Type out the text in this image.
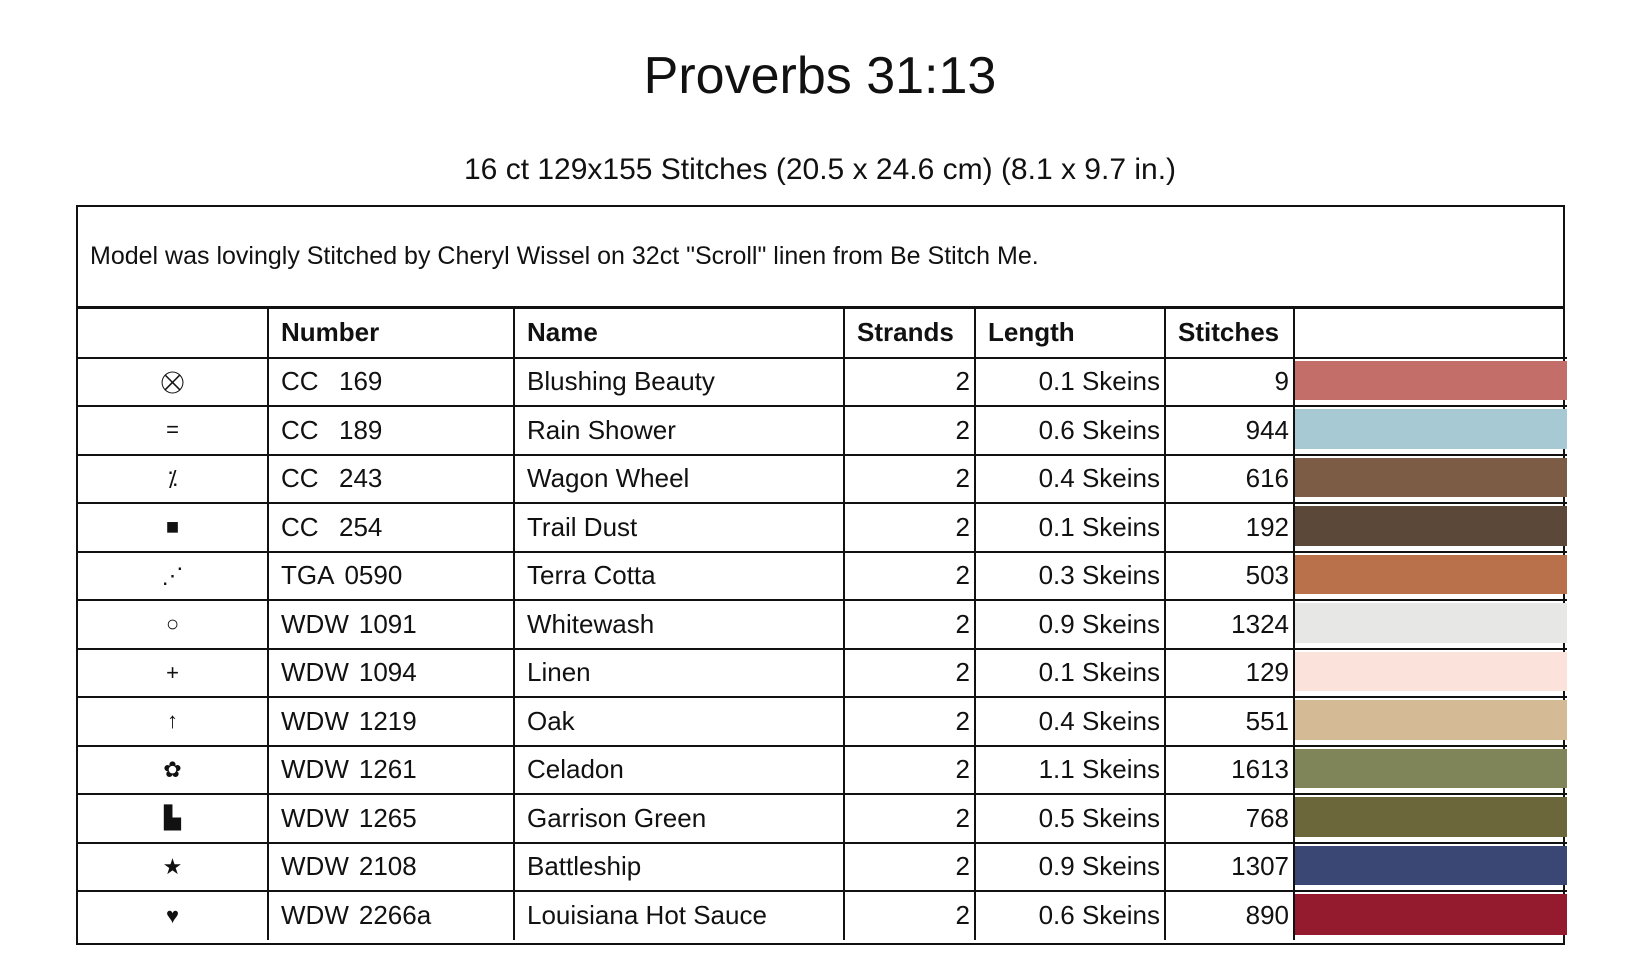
Proverbs 31:13
16 ct 129x155 Stitches (20.5 x 24.6 cm) (8.1 x 9.7 in.)
Model was lovingly Stitched by Cheryl Wissel on 32ct "Scroll" linen from Be Stitch Me.
	Number	Name	Strands	Length	Stitches	
⛒	CC 169	Blushing Beauty	2	0.1 Skeins	9	

=	CC 189	Rain Shower	2	0.6 Skeins	944	

⁒	CC 243	Wagon Wheel	2	0.4 Skeins	616	

■	CC 254	Trail Dust	2	0.1 Skeins	192	

⋰	TGA 0590	Terra Cotta	2	0.3 Skeins	503	

○	WDW 1091	Whitewash	2	0.9 Skeins	1324	

+	WDW 1094	Linen	2	0.1 Skeins	129	

↑	WDW 1219	Oak	2	0.4 Skeins	551	

✿	WDW 1261	Celadon	2	1.1 Skeins	1613	

▙	WDW 1265	Garrison Green	2	0.5 Skeins	768	

★	WDW 2108	Battleship	2	0.9 Skeins	1307	

♥	WDW 2266a	Louisiana Hot Sauce	2	0.6 Skeins	890	
